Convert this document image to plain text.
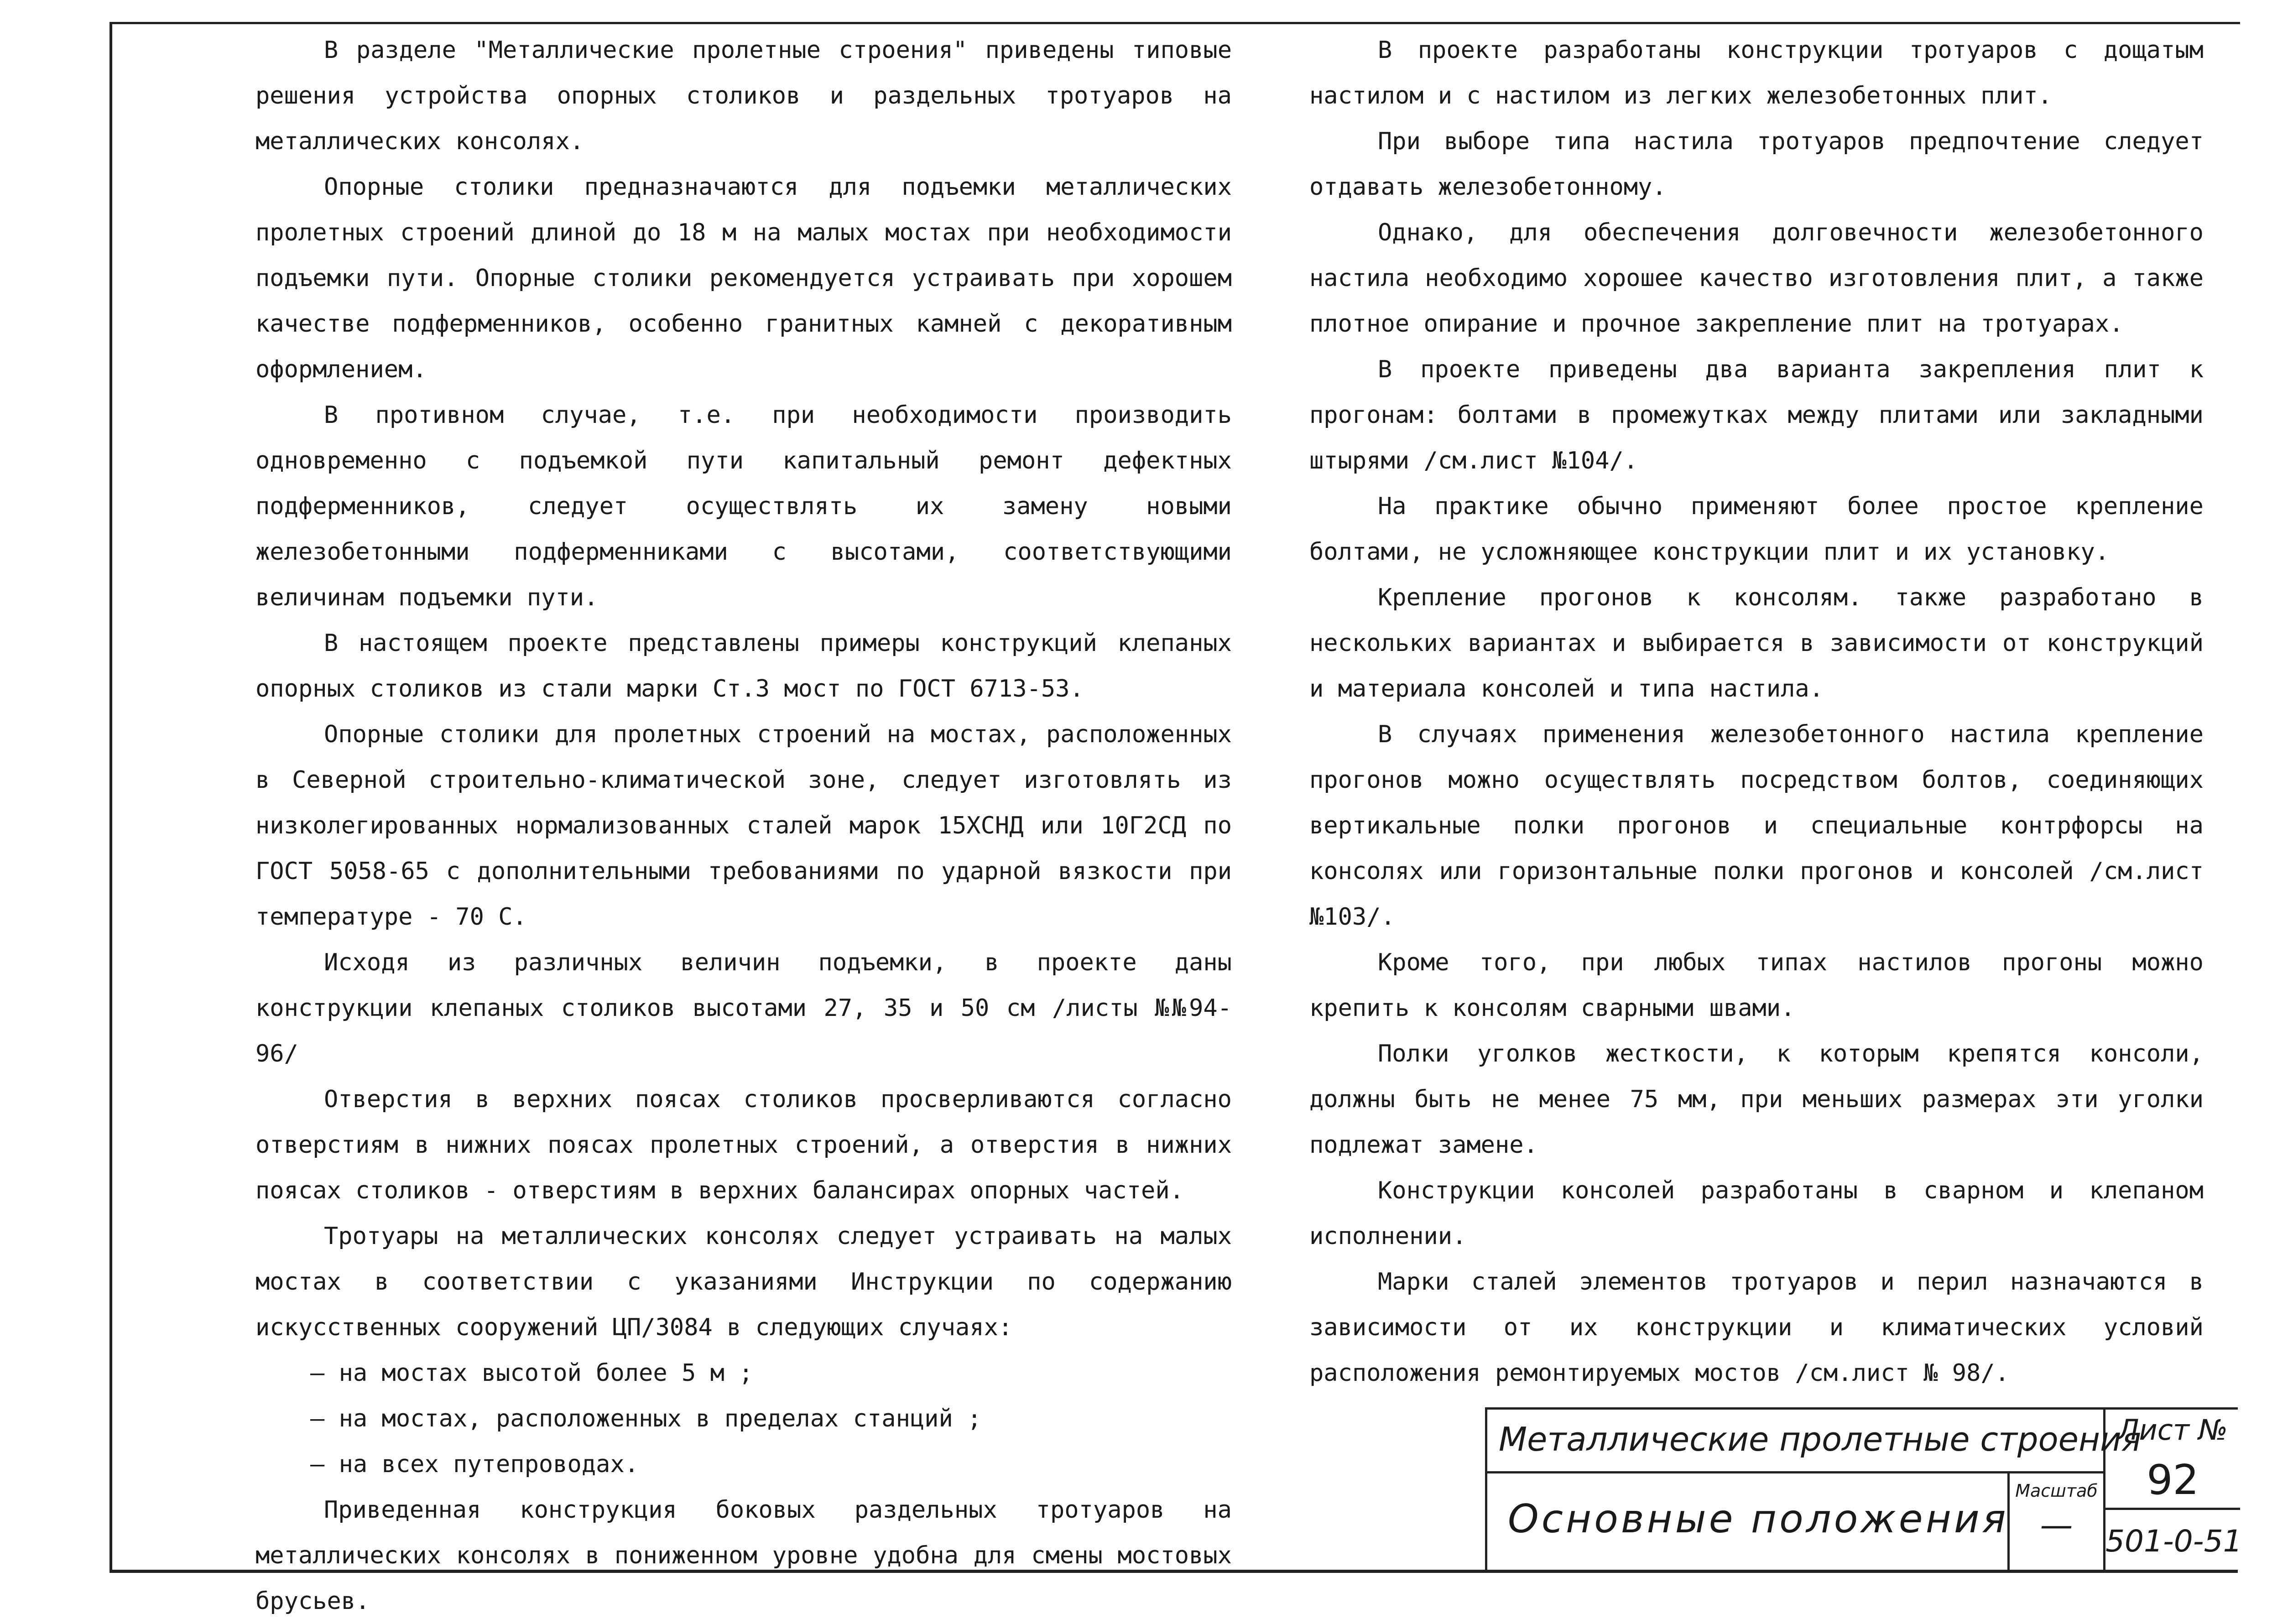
В разделе "Металлические пролетные строения" приведены типовые решения устройства опорных столиков и раздельных тротуаров на металлических консолях.

Опорные столики предназначаются для подъемки металлических пролетных строений длиной до 18 м на малых мостах при необходимости подъемки пути. Опорные столики рекомендуется устраивать при хорошем качестве подферменников, особенно гранитных камней с декоративным оформлением.

В противном случае, т.е. при необходимости производить одновременно с подъемкой пути капитальный ремонт дефектных подферменников, следует осуществлять их замену новыми железобетонными подферменниками с высотами, соответствующими величинам подъемки пути.

В настоящем проекте представлены примеры конструкций клепаных опорных столиков из стали марки Ст.3 мост по ГОСТ 6713-53.

Опорные столики для пролетных строений на мостах, расположенных в Северной строительно-климатической зоне, следует изготовлять из низколегированных нормализованных сталей марок 15ХСНД или 10Г2СД по ГОСТ 5058-65 с дополнительными требованиями по ударной вязкости при температуре - 70 С.

Исходя из различных величин подъемки, в проекте даны конструкции клепаных столиков высотами 27, 35 и 50 см /листы №№94-96/

Отверстия в верхних поясах столиков просверливаются согласно отверстиям в нижних поясах пролетных строений, а отверстия в нижних поясах столиков - отверстиям в верхних балансирах опорных частей.

Тротуары на металлических консолях следует устраивать на малых мостах в соответствии с указаниями Инструкции по содержанию искусственных сооружений ЦП/3084 в следующих случаях:

– на мостах высотой более 5 м ;

– на мостах, расположенных в пределах станций ;

– на всех путепроводах.

Приведенная конструкция боковых раздельных тротуаров на металлических консолях в пониженном уровне удобна для смены мостовых брусьев.

В проекте разработаны конструкции тротуаров с дощатым настилом и с настилом из легких железобетонных плит.

При выборе типа настила тротуаров предпочтение следует отдавать железобетонному.

Однако, для обеспечения долговечности железобетонного настила необходимо хорошее качество изготовления плит, а также плотное опирание и прочное закрепление плит на тротуарах.

В проекте приведены два варианта закрепления плит к прогонам: болтами в промежутках между плитами или закладными штырями /см.лист №104/.

На практике обычно применяют более простое крепление болтами, не усложняющее конструкции плит и их установку.

Крепление прогонов к консолям. также разработано в нескольких вариантах и выбирается в зависимости от конструкций и материала консолей и типа настила.

В случаях применения железобетонного настила крепление прогонов можно осуществлять посредством болтов, соединяющих вертикальные полки прогонов и специальные контрфорсы на консолях или горизонтальные полки прогонов и консолей /см.лист №103/.

Кроме того, при любых типах настилов прогоны можно крепить к консолям сварными швами.

Полки уголков жесткости, к которым крепятся консоли, должны быть не менее 75 мм, при меньших размерах эти уголки подлежат замене.

Конструкции консолей разработаны в сварном и клепаном исполнении.

Марки сталей элементов тротуаров и перил назначаются в зависимости от их конструкции и климатических условий расположения ремонтируемых мостов /см.лист № 98/.

Металлические пролетные строения
Основные положения
Масштаб
—
Лист №
92
501-0-51
